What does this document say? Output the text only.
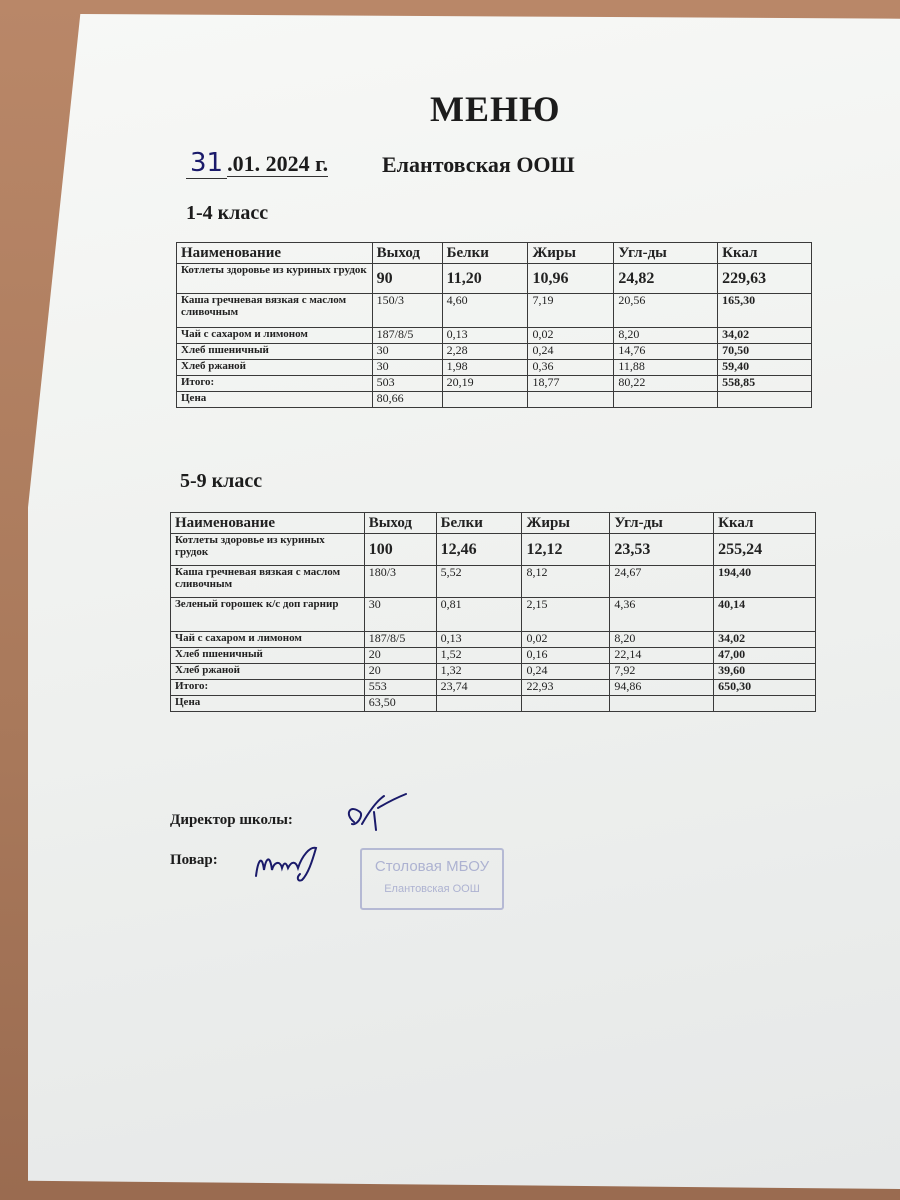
МЕНЮ
31 .01. 2024 г. Елантовская ООШ
1-4 класс
Наименование	Выход	Белки	Жиры	Угл-ды	Ккал
Котлеты здоровье из куриных грудок	90	11,20	10,96	24,82	229,63
Каша гречневая вязкая с маслом сливочным	150/3	4,60	7,19	20,56	165,30
Чай с сахаром и лимоном	187/8/5	0,13	0,02	8,20	34,02
Хлеб пшеничный	30	2,28	0,24	14,76	70,50
Хлеб ржаной	30	1,98	0,36	11,88	59,40
Итого:	503	20,19	18,77	80,22	558,85
Цена	80,66				
5-9 класс
Наименование	Выход	Белки	Жиры	Угл-ды	Ккал
Котлеты здоровье из куриных грудок	100	12,46	12,12	23,53	255,24
Каша гречневая вязкая с маслом сливочным	180/3	5,52	8,12	24,67	194,40
Зеленый горошек к/с доп гарнир	30	0,81	2,15	4,36	40,14
Чай с сахаром и лимоном	187/8/5	0,13	0,02	8,20	34,02
Хлеб пшеничный	20	1,52	0,16	22,14	47,00
Хлеб ржаной	20	1,32	0,24	7,92	39,60
Итого:	553	23,74	22,93	94,86	650,30
Цена	63,50				
Директор школы:
Повар:	Столовая МБОУ
Елантовская ООШ
